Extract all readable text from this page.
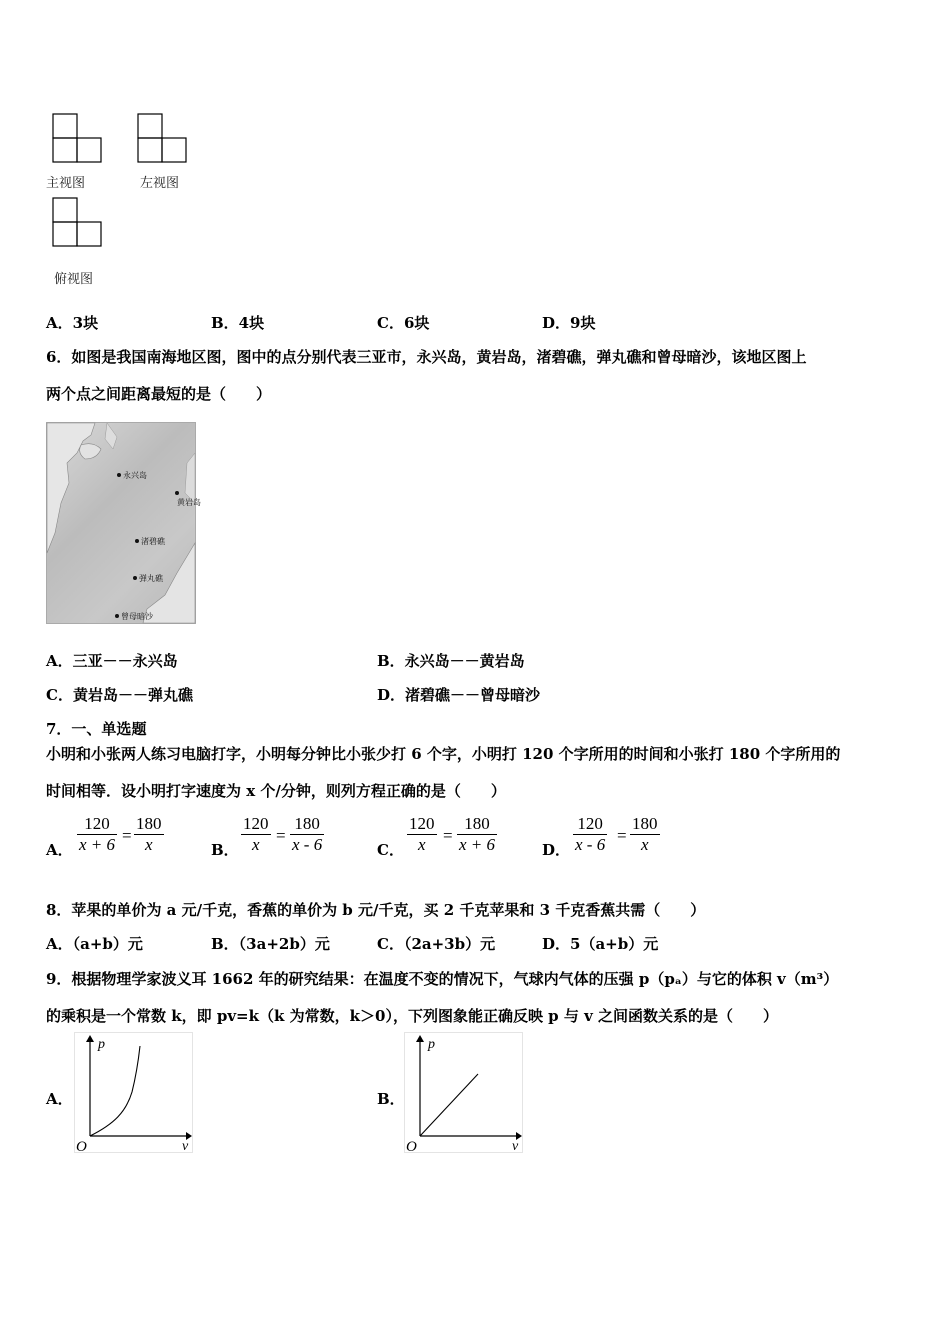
主视图	左视图
俯视图
A．3块	B．4块	C．6块	D．9块
6．如图是我国南海地区图，图中的点分别代表三亚市，永兴岛，黄岩岛，渚碧礁，弹丸礁和曾母暗沙，该地区图上
两个点之间距离最短的是（　　）
永兴岛
黄岩岛
渚碧礁
弹丸礁
曾母暗沙
A．三亚－－永兴岛	B．永兴岛－－黄岩岛
C．黄岩岛－－弹丸礁	D．渚碧礁－－曾母暗沙
7．一、单选题
小明和小张两人练习电脑打字，小明每分钟比小张少打 6 个字，小明打 120 个字所用的时间和小张打 180 个字所用的
时间相等．设小明打字速度为 x 个/分钟，则列方程正确的是（　　）
A． $\frac{120}{x + 6} = \frac{180}{x}$	B． $\frac{120}{x} = \frac{180}{x - 6}$	C． $\frac{120}{x} = \frac{180}{x + 6}$	D． $\frac{120}{x - 6} = \frac{180}{x}$
8．苹果的单价为 a 元/千克，香蕉的单价为 b 元/千克，买 2 千克苹果和 3 千克香蕉共需（　　）
A．（a+b）元	B．（3a+2b）元	C．（2a+3b）元	D．5（a+b）元
9．根据物理学家波义耳 1662 年的研究结果：在温度不变的情况下，气球内气体的压强 p（pₐ）与它的体积 v（m³）
的乘积是一个常数 k，即 pv=k（k 为常数，k＞0），下列图象能正确反映 p 与 v 之间函数关系的是（　　）
A．
p
v
O
B．
p
v
O
